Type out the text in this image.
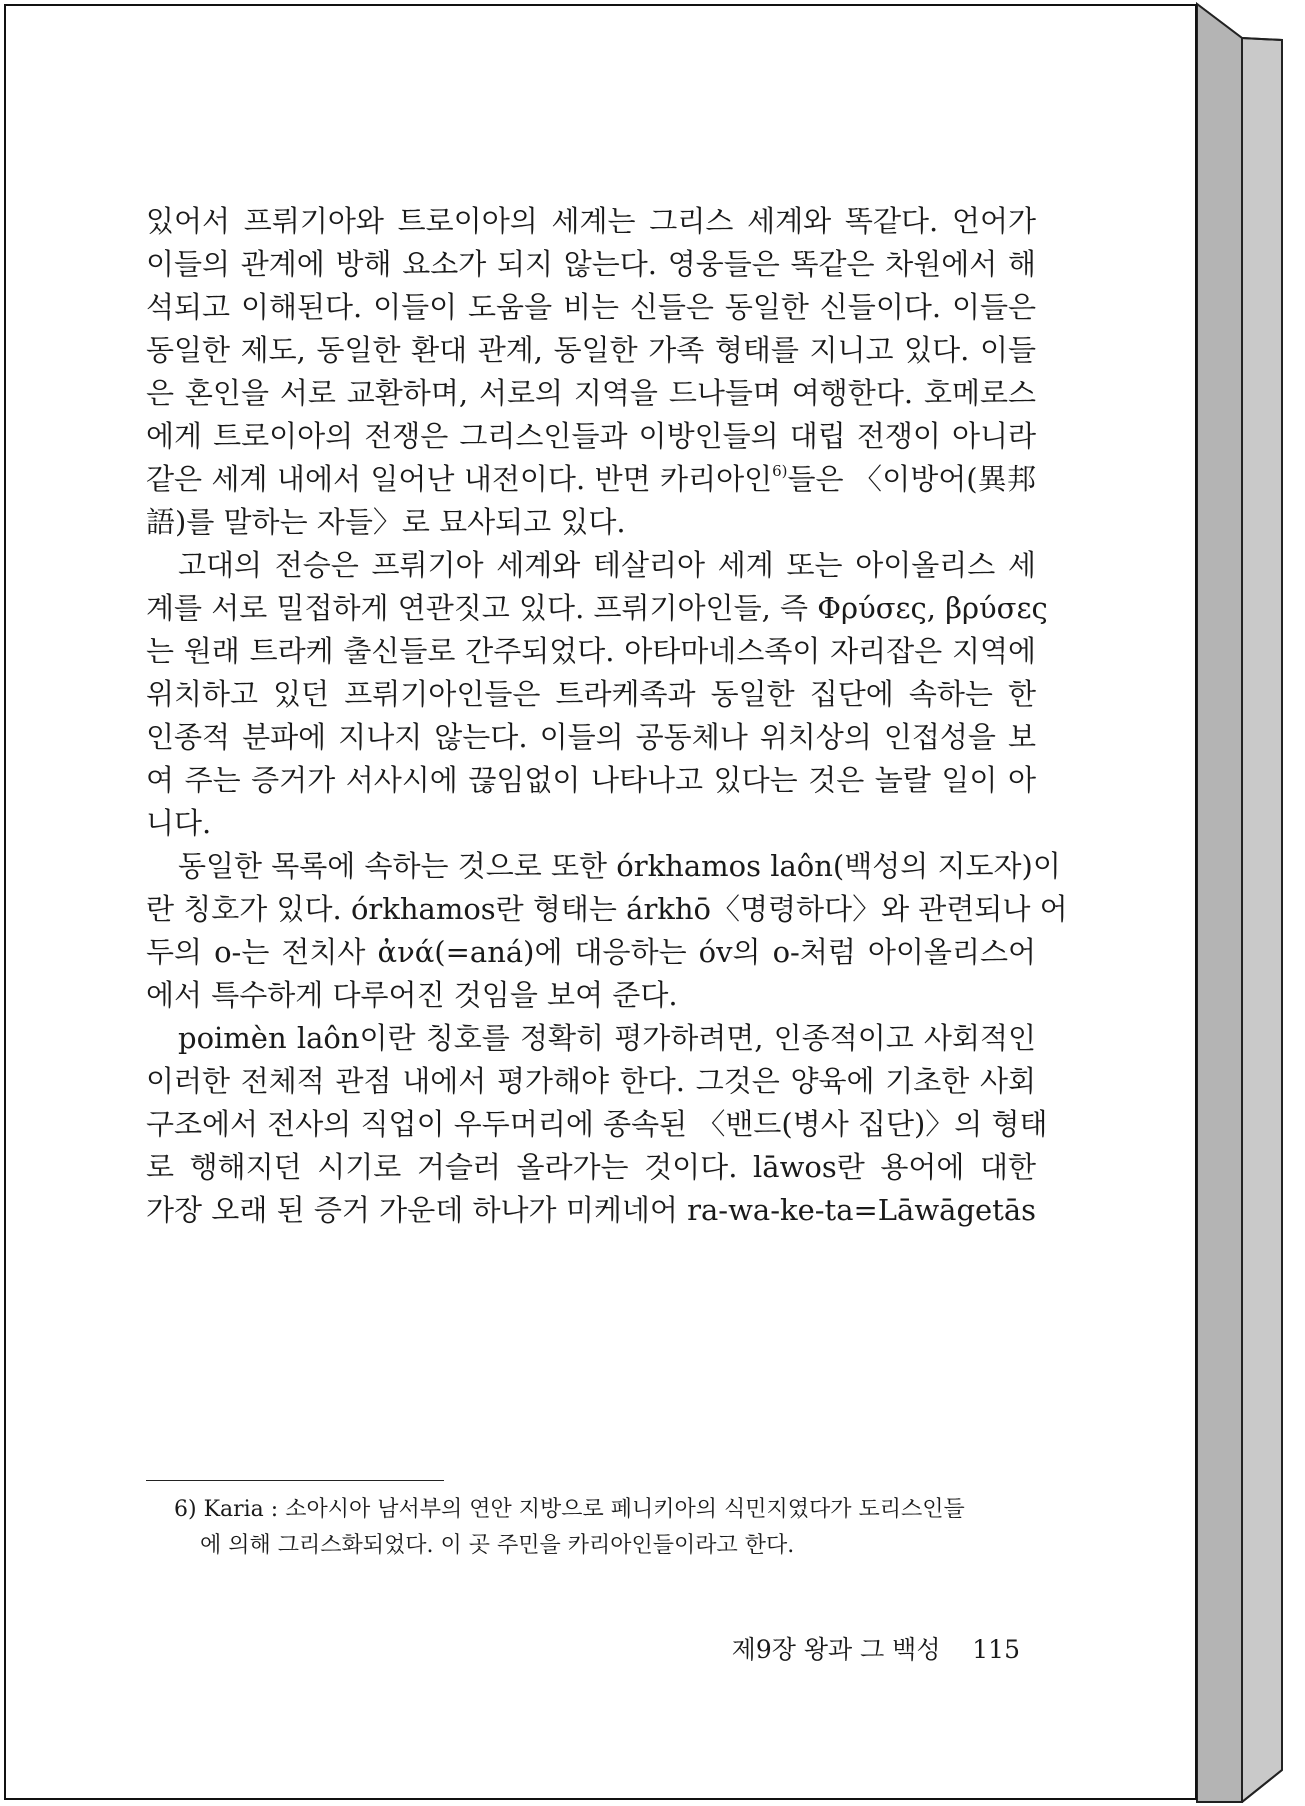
있어서 프뤼기아와 트로이아의 세계는 그리스 세계와 똑같다. 언어가
이들의 관계에 방해 요소가 되지 않는다. 영웅들은 똑같은 차원에서 해
석되고 이해된다. 이들이 도움을 비는 신들은 동일한 신들이다. 이들은
동일한 제도, 동일한 환대 관계, 동일한 가족 형태를 지니고 있다. 이들
은 혼인을 서로 교환하며, 서로의 지역을 드나들며 여행한다. 호메로스
에게 트로이아의 전쟁은 그리스인들과 이방인들의 대립 전쟁이 아니라
같은 세계 내에서 일어난 내전이다. 반면 카리아인$^{6)}$들은 〈이방어(異邦
語)를 말하는 자들〉로 묘사되고 있다.
고대의 전승은 프뤼기아 세계와 테살리아 세계 또는 아이올리스 세
계를 서로 밀접하게 연관짓고 있다. 프뤼기아인들, 즉 Φρύσες, βρύσες
는 원래 트라케 출신들로 간주되었다. 아타마네스족이 자리잡은 지역에
위치하고 있던 프뤼기아인들은 트라케족과 동일한 집단에 속하는 한
인종적 분파에 지나지 않는다. 이들의 공동체나 위치상의 인접성을 보
여 주는 증거가 서사시에 끊임없이 나타나고 있다는 것은 놀랄 일이 아
니다.
동일한 목록에 속하는 것으로 또한 órkhamos laôn(백성의 지도자)이
란 칭호가 있다. órkhamos란 형태는 árkhō〈명령하다〉와 관련되나 어
두의 o-는 전치사 ἀνά(=aná)에 대응하는 óv의 o-처럼 아이올리스어
에서 특수하게 다루어진 것임을 보여 준다.
poimèn laôn이란 칭호를 정확히 평가하려면, 인종적이고 사회적인
이러한 전체적 관점 내에서 평가해야 한다. 그것은 양육에 기초한 사회
구조에서 전사의 직업이 우두머리에 종속된 〈밴드(병사 집단)〉의 형태
로 행해지던 시기로 거슬러 올라가는 것이다. lāwos란 용어에 대한
가장 오래 된 증거 가운데 하나가 미케네어 ra-wa-ke-ta=Lāwāgetās
6) Karia : 소아시아 남서부의 연안 지방으로 페니키아의 식민지였다가 도리스인들
에 의해 그리스화되었다. 이 곳 주민을 카리아인들이라고 한다.
제9장 왕과 그 백성 115
